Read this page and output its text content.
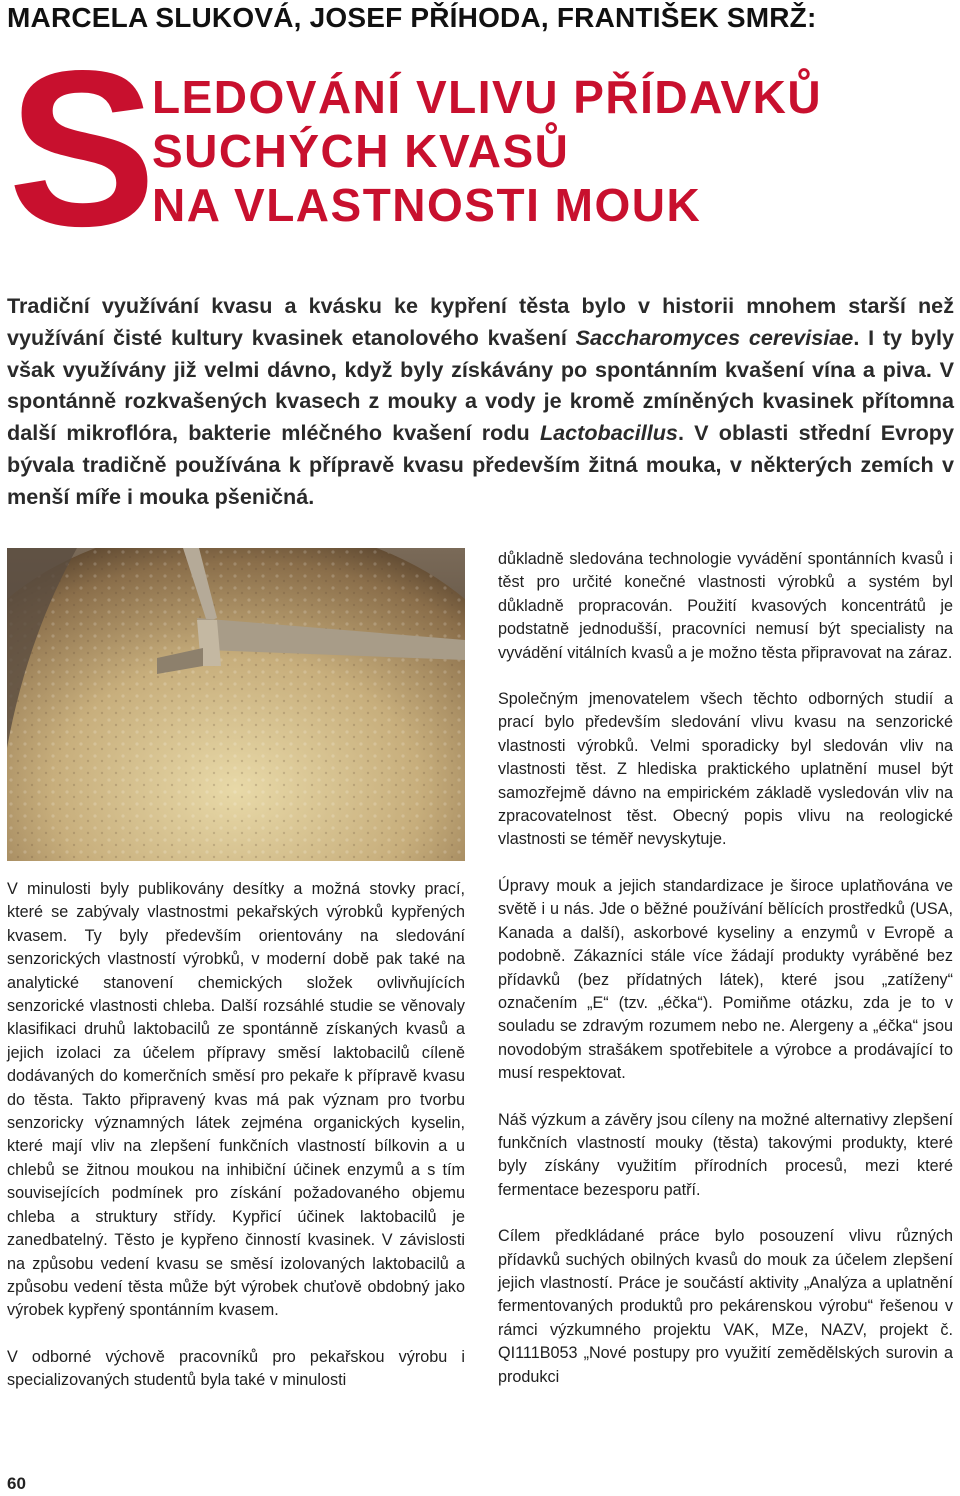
MARCELA SLUKOVÁ, JOSEF PŘÍHODA, FRANTIŠEK SMRŽ:
S LEDOVÁNÍ VLIVU PŘÍDAVKŮ
SUCHÝCH KVASŮ
NA VLASTNOSTI MOUK
Tradiční využívání kvasu a kvásku ke kypření těsta bylo v historii mnohem starší než využívání čisté kultury kvasinek etanolového kvašení Saccharomyces cerevisiae. I ty byly však využívány již velmi dávno, když byly získávány po spontánním kvašení vína a piva. V spontánně rozkvašených kvasech z mouky a vody je kromě zmíněných kvasinek přítomna další mikroflóra, bakterie mléčného kvašení rodu Lactobacillus. V oblasti střední Evropy bývala tradičně používána k přípravě kvasu především žitná mouka, v některých zemích v menší míře i mouka pšeničná.

V minulosti byly publikovány desítky a možná stovky prací, které se zabývaly vlastnostmi pekařských výrobků kypřených kvasem. Ty byly především orientovány na sledování senzorických vlastností výrobků, v moderní době pak také na analytické stanovení chemických složek ovlivňujících senzorické vlastnosti chleba. Další rozsáhlé studie se věnovaly klasifikaci druhů laktobacilů ze spontánně získaných kvasů a jejich izolaci za účelem přípravy směsí laktobacilů cíleně dodávaných do komerčních směsí pro pekaře k přípravě kvasu do těsta. Takto připravený kvas má pak význam pro tvorbu senzoricky významných látek zejména organických kyselin, které mají vliv na zlepšení funkčních vlastností bílkovin a u chlebů se žitnou moukou na inhibiční účinek enzymů a s tím souvisejících podmínek pro získání požadovaného objemu chleba a struktury střídy. Kypřicí účinek laktobacilů je zanedbatelný. Těsto je kypřeno činností kvasinek. V závislosti na způsobu vedení kvasu se směsí izolovaných laktobacilů a způsobu vedení těsta může být výrobek chuťově obdobný jako výrobek kypřený spontánním kvasem.

V odborné výchově pracovníků pro pekařskou výrobu i specializovaných studentů byla také v minulosti

důkladně sledována technologie vyvádění spontánních kvasů i těst pro určité konečné vlastnosti výrobků a systém byl důkladně propracován. Použití kvasových koncentrátů je podstatně jednodušší, pracovníci nemusí být specialisty na vyvádění vitálních kvasů a je možno těsta připravovat na záraz.

Společným jmenovatelem všech těchto odborných studií a prací bylo především sledování vlivu kvasu na senzorické vlastnosti výrobků. Velmi sporadicky byl sledován vliv na vlastnosti těst. Z hlediska praktického uplatnění musel být samozřejmě dávno na empirickém základě vysledován vliv na zpracovatelnost těst. Obecný popis vlivu na reologické vlastnosti se téměř nevyskytuje.

Úpravy mouk a jejich standardizace je široce uplatňována ve světě i u nás. Jde o běžné používání bělících prostředků (USA, Kanada a další), askorbové kyseliny a enzymů v Evropě a podobně. Zákazníci stále více žádají produkty vyráběné bez přídavků (bez přídatných látek), které jsou „zatíženy“ označením „E“ (tzv. „éčka“). Pomiňme otázku, zda je to v souladu se zdravým rozumem nebo ne. Alergeny a „éčka“ jsou novodobým strašákem spotřebitele a výrobce a prodávající to musí respektovat.

Náš výzkum a závěry jsou cíleny na možné alternativy zlepšení funkčních vlastností mouky (těsta) takovými produkty, které byly získány využitím přírodních procesů, mezi které fermentace bezesporu patří.

Cílem předkládané práce bylo posouzení vlivu různých přídavků suchých obilných kvasů do mouk za účelem zlepšení jejich vlastností. Práce je součástí aktivity „Analýza a uplatnění fermentovaných produktů pro pekárenskou výrobu“ řešenou v rámci výzkumného projektu VAK, MZe, NAZV, projekt č. QI111B053 „Nové postupy pro využití zemědělských surovin a produkci

60
